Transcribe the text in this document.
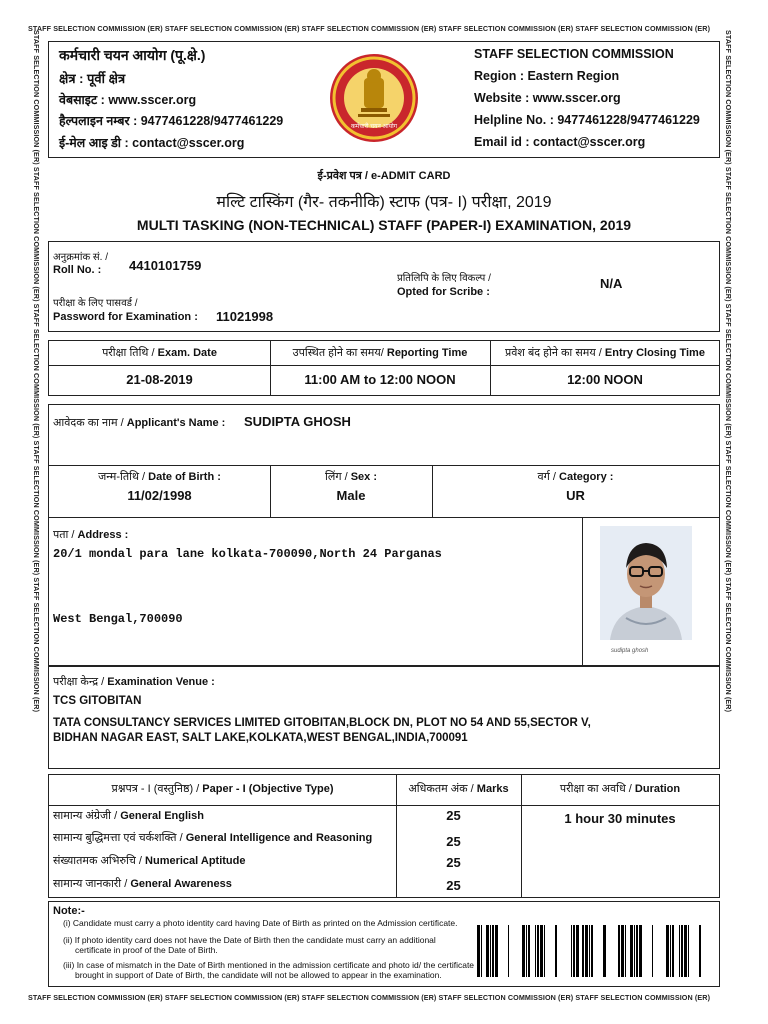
STAFF SELECTION COMMISSION (ER) STAFF SELECTION COMMISSION (ER) STAFF SELECTION COMMISSION (ER) STAFF SELECTION COMMISSION (ER) STAFF SELECTION COMMISSION (ER)
STAFF SELECTION COMMISSION (ER) STAFF SELECTION COMMISSION (ER) STAFF SELECTION COMMISSION (ER) STAFF SELECTION COMMISSION (ER) STAFF SELECTION COMMISSION (ER)
STAFF SELECTION COMMISSION (ER) STAFF SELECTION COMMISSION (ER) STAFF SELECTION COMMISSION (ER) STAFF SELECTION COMMISSION (ER) STAFF SELECTION COMMISSION (ER)	STAFF SELECTION COMMISSION (ER) STAFF SELECTION COMMISSION (ER) STAFF SELECTION COMMISSION (ER) STAFF SELECTION COMMISSION (ER) STAFF SELECTION COMMISSION (ER)
कर्मचारी चयन आयोग (पू.क्षे.)
क्षेत्र : पूर्वी क्षेत्र
वेबसाइट : www.sscer.org
हैल्पलाइन नम्बर : 9477461228/9477461229
ई-मेल आइ डी : contact@sscer.org
कर्मचारी चयन आयोग
STAFF SELECTION COMMISSION
Region : Eastern Region
Website : www.sscer.org
Helpline No. : 9477461228/9477461229
Email id : contact@sscer.org
ई-प्रवेश पत्र / e-ADMIT CARD
मल्टि टास्किंग (गैर- तकनीकि) स्टाफ (पत्र- I) परीक्षा, 2019
MULTI TASKING (NON-TECHNICAL) STAFF (PAPER-I) EXAMINATION, 2019
अनुक्रमांक सं. /
Roll No. : 4410101759
परीक्षा के लिए पासवर्ड /
Password for Examination : 11021998
प्रतिलिपि के लिए विकल्प /
Opted for Scribe :
N/A
परीक्षा तिथि / Exam. Date	उपस्थित होने का समय/ Reporting Time	प्रवेश बंद होने का समय / Entry Closing Time
21-08-2019	11:00 AM to 12:00 NOON	12:00 NOON
आवेदक का नाम / Applicant's Name : SUDIPTA GHOSH
जन्म-तिथि / Date of Birth :	लिंग / Sex :	वर्ग / Category :
11/02/1998	Male	UR
पता / Address :
20/1 mondal para lane kolkata-700090,North 24 Parganas
West Bengal,700090
sudipta ghosh
परीक्षा केन्द्र / Examination Venue :
TCS GITOBITAN
TATA CONSULTANCY SERVICES LIMITED GITOBITAN,BLOCK DN, PLOT NO 54 AND 55,SECTOR V,
BIDHAN NAGAR EAST, SALT LAKE,KOLKATA,WEST BENGAL,INDIA,700091
प्रश्नपत्र - I (वस्तुनिष्ठ) / Paper - I (Objective Type)	अधिकतम अंक / Marks	परीक्षा का अवधि / Duration
सामान्य अंग्रेजी / General English	25
सामान्य बुद्धिमत्ता एवं चर्कशक्ति / General Intelligence and Reasoning	25
संख्यातमक अभिरुचि / Numerical Aptitude	25
सामान्य जानकारी / General Awareness	25
1 hour 30 minutes
Note:-
(i) Candidate must carry a photo identity card having Date of Birth as printed on the Admission certificate.
(ii) If photo identity card does not have the Date of Birth then the candidate must carry an additional
certificate in proof of the Date of Birth.
(iii) In case of mismatch in the Date of Birth mentioned in the admission certificate and photo id/ the certificate
brought in support of Date of Birth, the candidate will not be allowed to appear in the examination.
